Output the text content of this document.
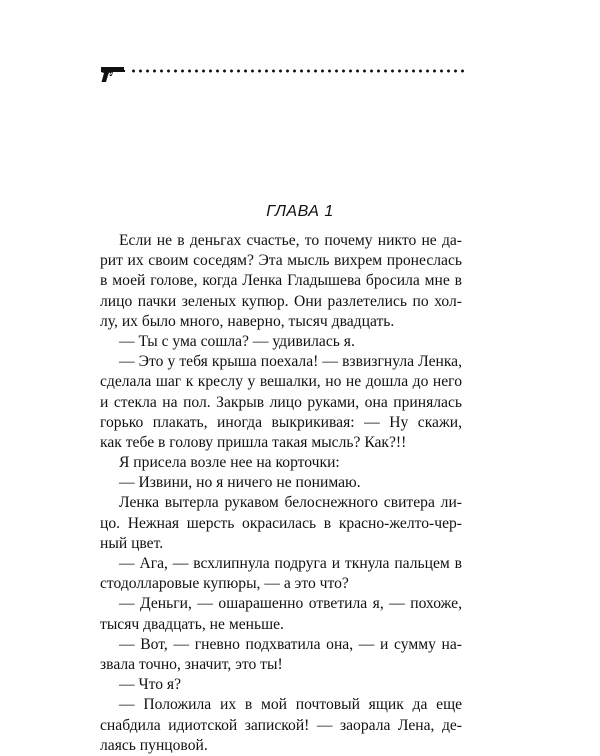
ГЛАВА 1
Если не в деньгах счастье, то почему никто не да-
рит их своим соседям? Эта мысль вихрем пронеслась
в моей голове, когда Ленка Гладышева бросила мне в
лицо пачки зеленых купюр. Они разлетелись по хол-
лу, их было много, наверно, тысяч двадцать.
— Ты с ума сошла? — удивилась я.
— Это у тебя крыша поехала! — взвизгнула Ленка,
сделала шаг к креслу у вешалки, но не дошла до него
и стекла на пол. Закрыв лицо руками, она принялась
горько плакать, иногда выкрикивая: — Ну скажи,
как тебе в голову пришла такая мысль? Как?!!
Я присела возле нее на корточки:
— Извини, но я ничего не понимаю.
Ленка вытерла рукавом белоснежного свитера ли-
цо. Нежная шерсть окрасилась в красно-желто-чер-
ный цвет.
— Ага, — всхлипнула подруга и ткнула пальцем в
стодолларовые купюры, — а это что?
— Деньги, — ошарашенно ответила я, — похоже,
тысяч двадцать, не меньше.
— Вот, — гневно подхватила она, — и сумму на-
звала точно, значит, это ты!
— Что я?
— Положила их в мой почтовый ящик да еще
снабдила идиотской запиской! — заорала Лена, де-
лаясь пунцовой.
